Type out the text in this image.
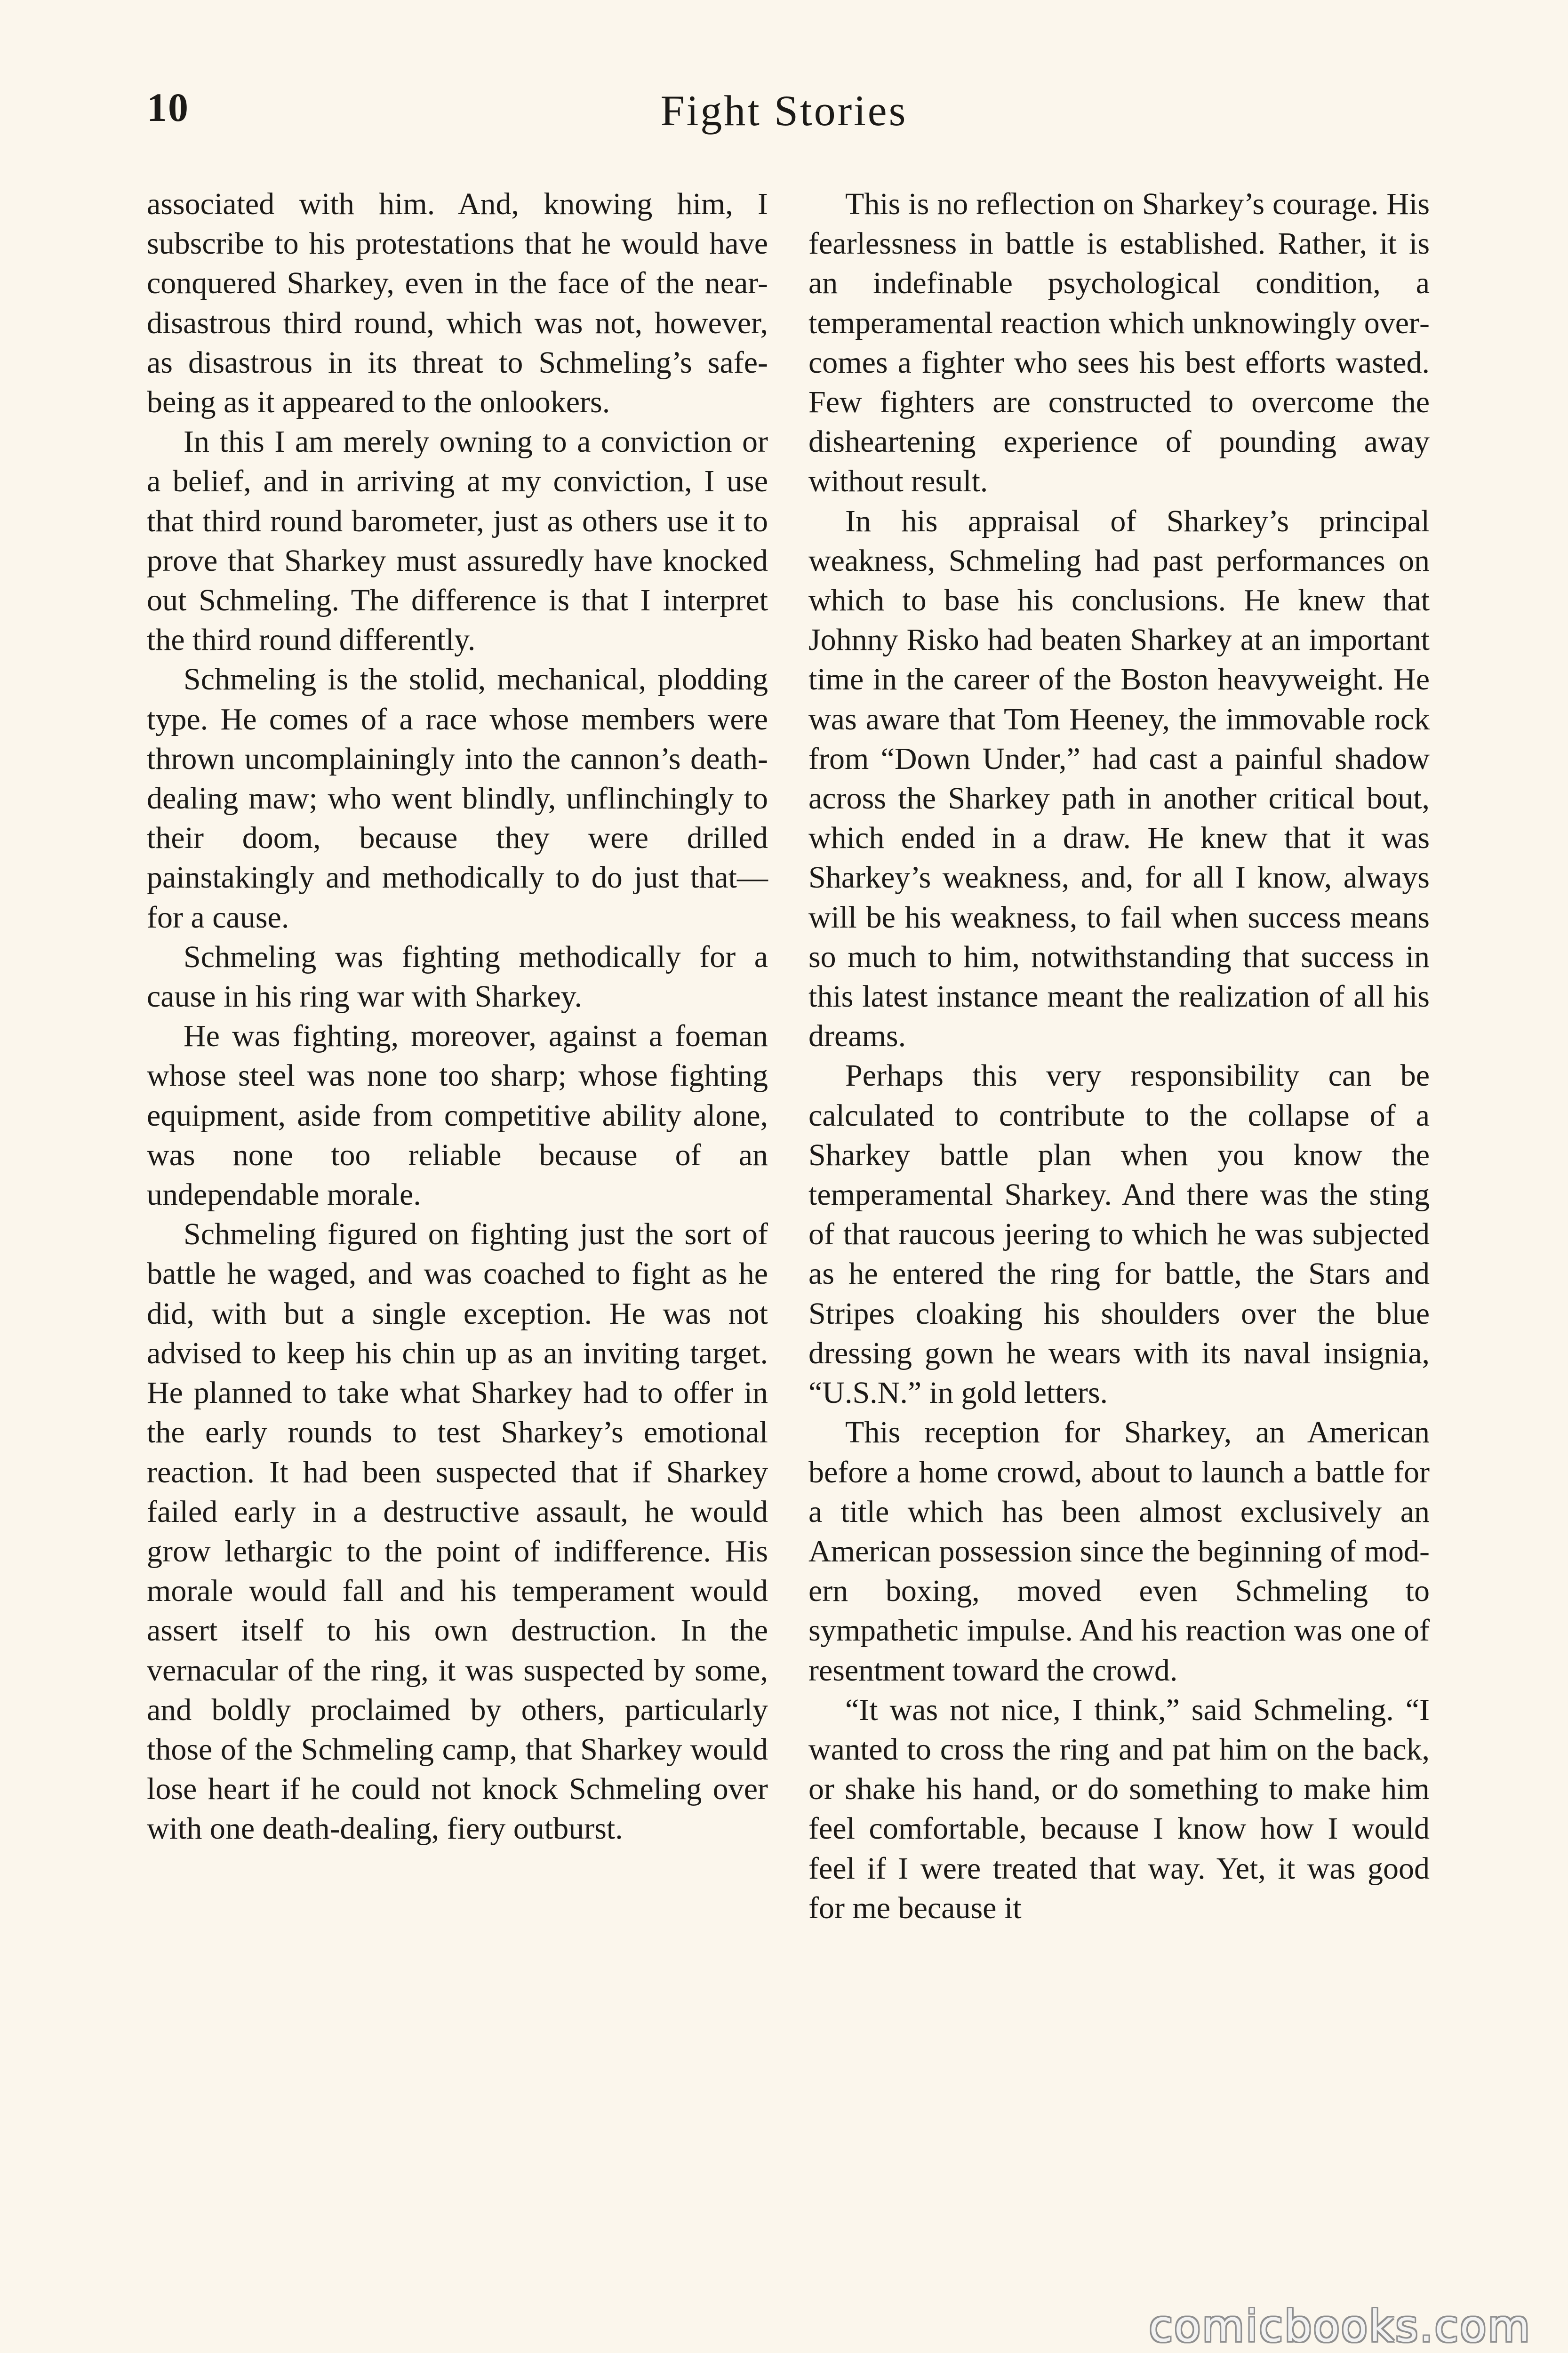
10	Fight Stories

associated with him. And, knowing him, I subscribe to his protestations that he would have conquered Sharkey, even in the face of the near-disastrous third round, which was not, however, as disastrous in its threat to Schmeling’s safebeing as it appeared to the onlookers.

In this I am merely owning to a conviction or a belief, and in arriving at my conviction, I use that third round barometer, just as others use it to prove that Sharkey must assuredly have knocked out Schmeling. The difference is that I interpret the third round differently.

Schmeling is the stolid, mechanical, plodding type. He comes of a race whose members were thrown uncomplainingly into the cannon’s death-dealing maw; who went blindly, unflinchingly to their doom, because they were drilled painstakingly and methodically to do just that—for a cause.

Schmeling was fighting methodically for a cause in his ring war with Sharkey.

He was fighting, moreover, against a foeman whose steel was none too sharp; whose fighting equipment, aside from competitive ability alone, was none too reliable because of an undependable morale.

Schmeling figured on fighting just the sort of battle he waged, and was coached to fight as he did, with but a single exception. He was not advised to keep his chin up as an inviting target. He planned to take what Sharkey had to offer in the early rounds to test Sharkey’s emotional reaction. It had been suspected that if Sharkey failed early in a destructive assault, he would grow lethargic to the point of indifference. His morale would fall and his temperament would assert itself to his own destruction. In the vernacular of the ring, it was suspected by some, and boldly proclaimed by others, particularly those of the Schmeling camp, that Sharkey would lose heart if he could not knock Schmeling over with one death-dealing, fiery outburst.

This is no reflection on Sharkey’s courage. His fearlessness in battle is established. Rather, it is an indefinable psychological condition, a temperamental reaction which unknowingly overcomes a fighter who sees his best efforts wasted. Few fighters are constructed to overcome the disheartening experience of pounding away without result.

In his appraisal of Sharkey’s principal weakness, Schmeling had past performances on which to base his conclusions. He knew that Johnny Risko had beaten Sharkey at an important time in the career of the Boston heavyweight. He was aware that Tom Heeney, the immovable rock from “Down Under,” had cast a painful shadow across the Sharkey path in another critical bout, which ended in a draw. He knew that it was Sharkey’s weakness, and, for all I know, always will be his weakness, to fail when success means so much to him, notwithstanding that success in this latest instance meant the realization of all his dreams.

Perhaps this very responsibility can be calculated to contribute to the collapse of a Sharkey battle plan when you know the temperamental Sharkey. And there was the sting of that raucous jeering to which he was subjected as he entered the ring for battle, the Stars and Stripes cloaking his shoulders over the blue dressing gown he wears with its naval insignia, “U.S.N.” in gold letters.

This reception for Sharkey, an American before a home crowd, about to launch a battle for a title which has been almost exclusively an American possession since the beginning of modern boxing, moved even Schmeling to sympathetic impulse. And his reaction was one of resentment toward the crowd.

“It was not nice, I think,” said Schmeling. “I wanted to cross the ring and pat him on the back, or shake his hand, or do something to make him feel comfortable, because I know how I would feel if I were treated that way. Yet, it was good for me because it

comicbooks.com
